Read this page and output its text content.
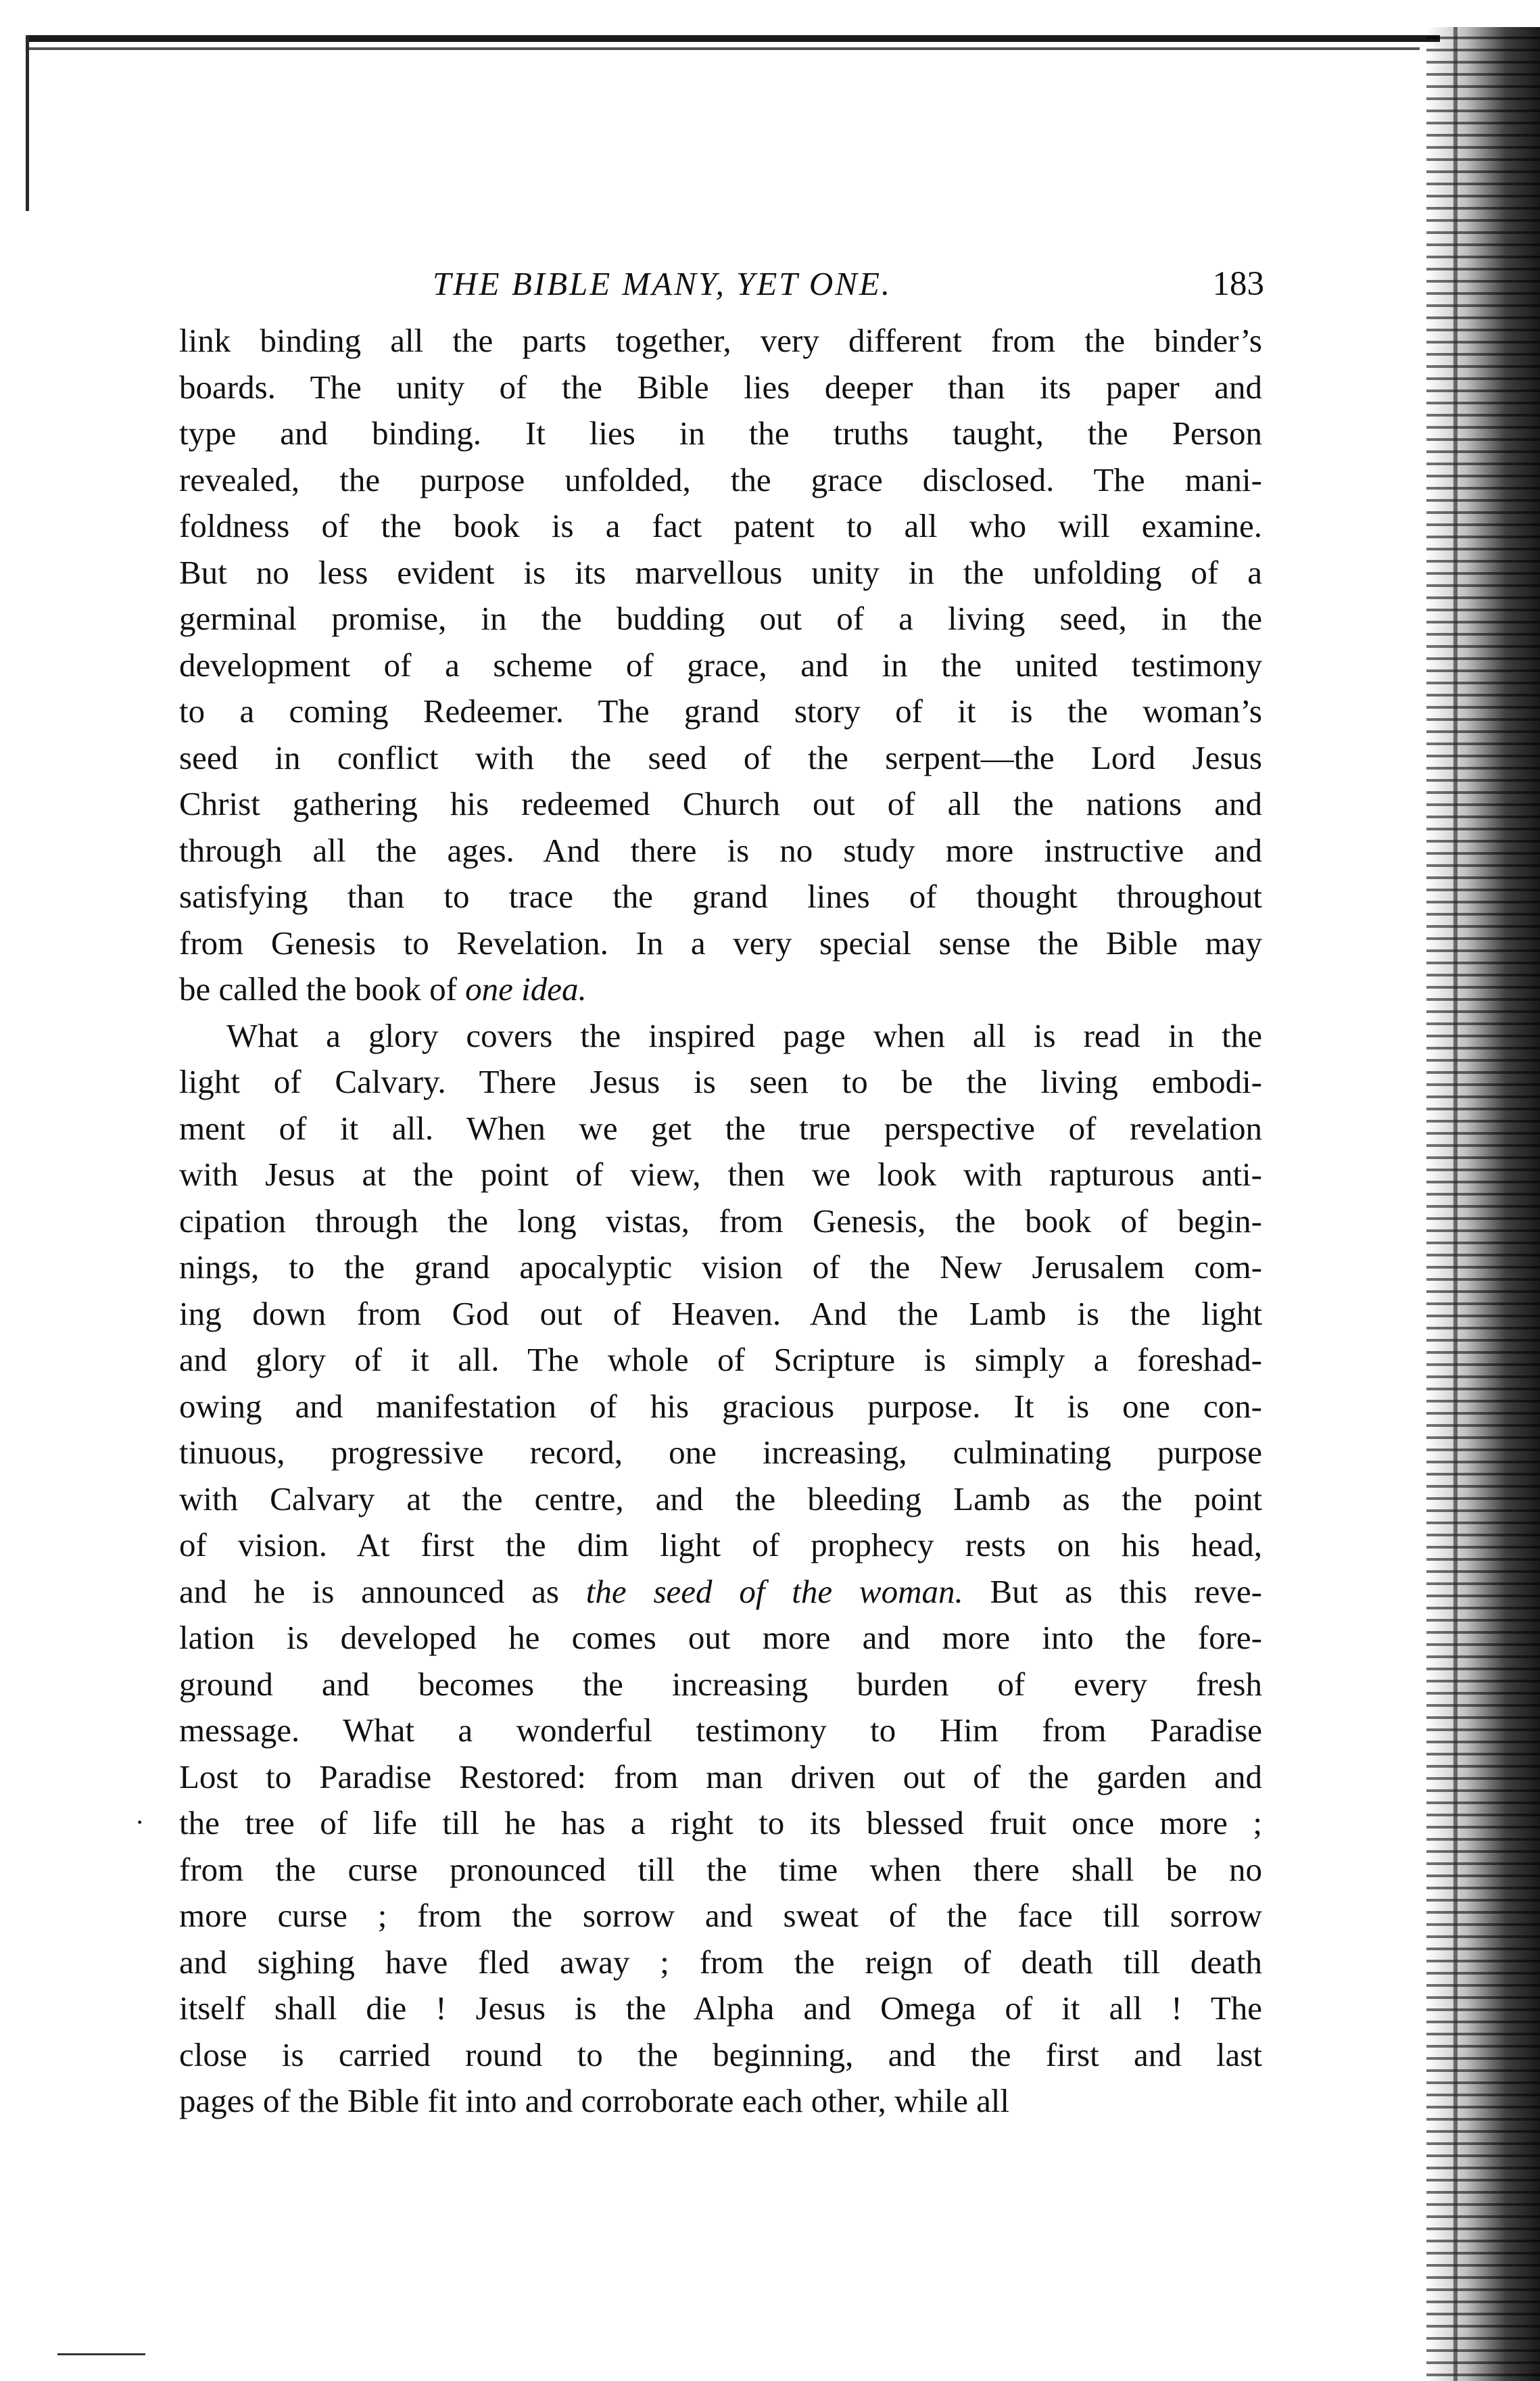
THE BIBLE MANY, YET ONE.	183
link binding all the parts together, very different from the binder’s
boards. The unity of the Bible lies deeper than its paper and
type and binding. It lies in the truths taught, the Person
revealed, the purpose unfolded, the grace disclosed. The mani-
foldness of the book is a fact patent to all who will examine.
But no less evident is its marvellous unity in the unfolding of a
germinal promise, in the budding out of a living seed, in the
development of a scheme of grace, and in the united testimony
to a coming Redeemer. The grand story of it is the woman’s
seed in conflict with the seed of the serpent—the Lord Jesus
Christ gathering his redeemed Church out of all the nations and
through all the ages. And there is no study more instructive and
satisfying than to trace the grand lines of thought throughout
from Genesis to Revelation. In a very special sense the Bible may
be called the book of one idea.
What a glory covers the inspired page when all is read in the
light of Calvary. There Jesus is seen to be the living embodi-
ment of it all. When we get the true perspective of revelation
with Jesus at the point of view, then we look with rapturous anti-
cipation through the long vistas, from Genesis, the book of begin-
nings, to the grand apocalyptic vision of the New Jerusalem com-
ing down from God out of Heaven. And the Lamb is the light
and glory of it all. The whole of Scripture is simply a foreshad-
owing and manifestation of his gracious purpose. It is one con-
tinuous, progressive record, one increasing, culminating purpose
with Calvary at the centre, and the bleeding Lamb as the point
of vision. At first the dim light of prophecy rests on his head,
and he is announced as the seed of the woman. But as this reve-
lation is developed he comes out more and more into the fore-
ground and becomes the increasing burden of every fresh
message. What a wonderful testimony to Him from Paradise
Lost to Paradise Restored: from man driven out of the garden and
the tree of life till he has a right to its blessed fruit once more ;
from the curse pronounced till the time when there shall be no
more curse ; from the sorrow and sweat of the face till sorrow
and sighing have fled away ; from the reign of death till death
itself shall die ! Jesus is the Alpha and Omega of it all ! The
close is carried round to the beginning, and the first and last
pages of the Bible fit into and corroborate each other, while all
·
